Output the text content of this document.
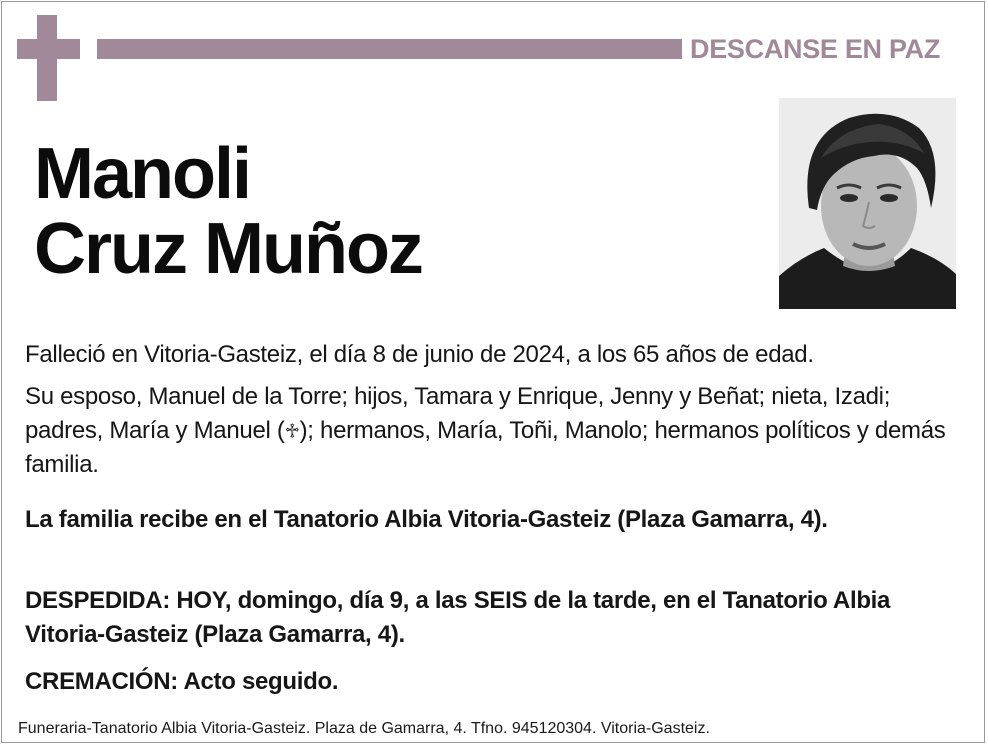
DESCANSE EN PAZ
Manoli
Cruz Muñoz
Falleció en Vitoria-Gasteiz, el día 8 de junio de 2024, a los 65 años de edad.
Su esposo, Manuel de la Torre; hijos, Tamara y Enrique, Jenny y Beñat; nieta, Izadi; padres, María y Manuel (♱); hermanos, María, Toñi, Manolo; hermanos políticos y demás familia.
La familia recibe en el Tanatorio Albia Vitoria-Gasteiz (Plaza Gamarra, 4).
DESPEDIDA: HOY, domingo, día 9, a las SEIS de la tarde, en el Tanatorio Albia Vitoria-Gasteiz (Plaza Gamarra, 4).
CREMACIÓN: Acto seguido.
Funeraria-Tanatorio Albia Vitoria-Gasteiz. Plaza de Gamarra, 4. Tfno. 945120304. Vitoria-Gasteiz.
